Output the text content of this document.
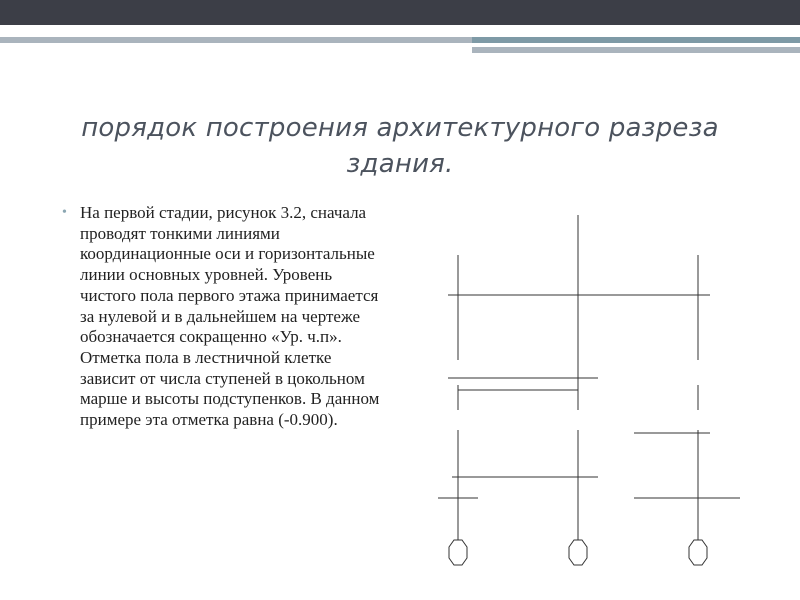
порядок построения архитектурного разреза здания.
• На первой стадии, рисунок 3.2, сначала проводят тонкими линиями координационные оси и горизонтальные линии основных уровней. Уровень чистого пола первого этажа принимается за нулевой и в дальнейшем на чертеже обозначается сокращенно «Ур. ч.п». Отметка пола в лестничной клетке зависит от числа ступеней в цокольном марше и высоты подступенков. В данном примере эта отметка равна (-0.900).
